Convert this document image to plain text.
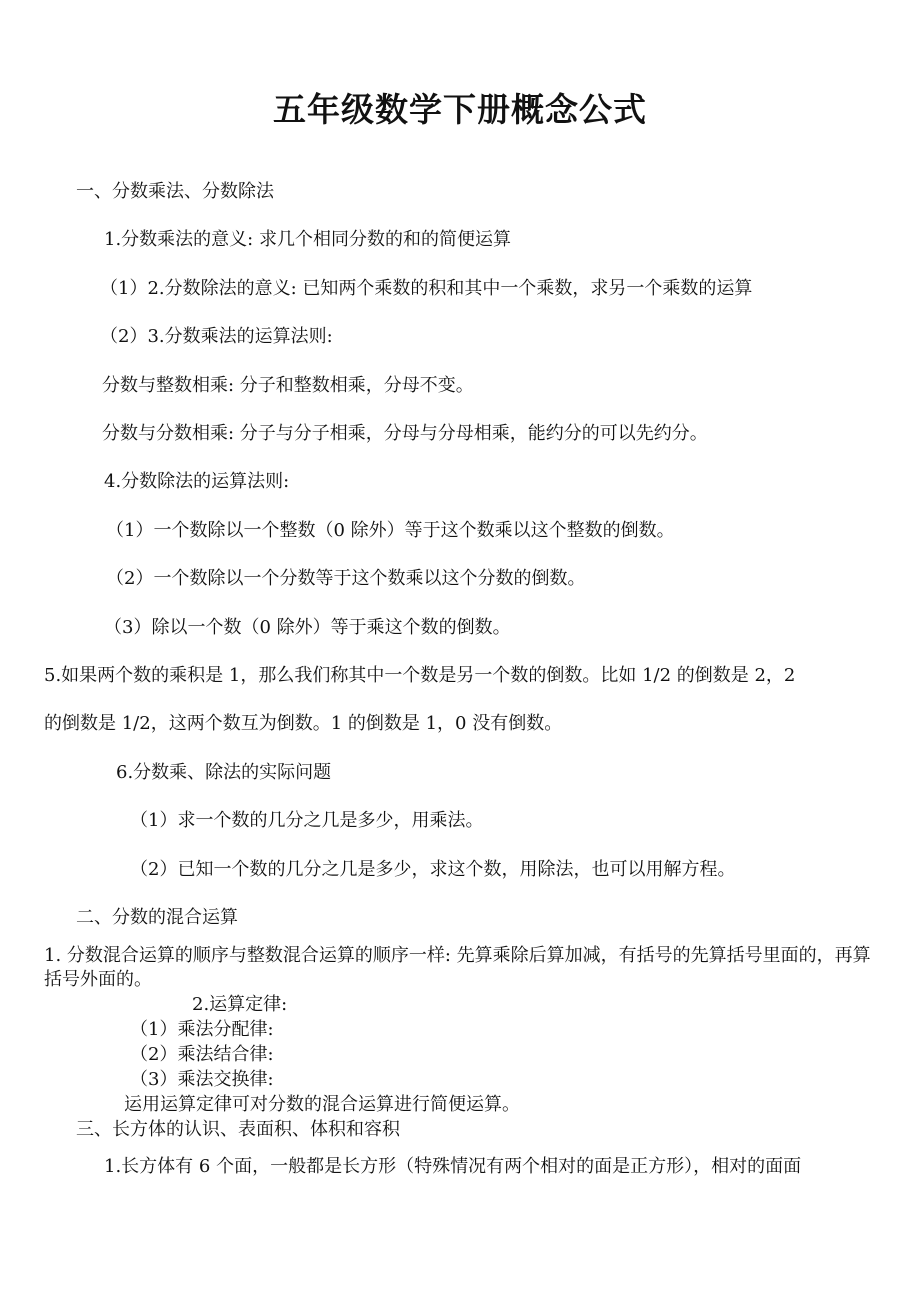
五年级数学下册概念公式
一、分数乘法、分数除法
1.分数乘法的意义: 求几个相同分数的和的简便运算
（1）2.分数除法的意义: 已知两个乘数的积和其中一个乘数，求另一个乘数的运算
（2）3.分数乘法的运算法则:
分数与整数相乘: 分子和整数相乘，分母不变。
分数与分数相乘: 分子与分子相乘，分母与分母相乘，能约分的可以先约分。
4.分数除法的运算法则:
（1）一个数除以一个整数（0 除外）等于这个数乘以这个整数的倒数。
（2）一个数除以一个分数等于这个数乘以这个分数的倒数。
（3）除以一个数（0 除外）等于乘这个数的倒数。
5.如果两个数的乘积是 1，那么我们称其中一个数是另一个数的倒数。比如 1/2 的倒数是 2，2
的倒数是 1/2，这两个数互为倒数。1 的倒数是 1，0 没有倒数。
6.分数乘、除法的实际问题
（1）求一个数的几分之几是多少，用乘法。
（2）已知一个数的几分之几是多少，求这个数，用除法，也可以用解方程。
二、分数的混合运算
1. 分数混合运算的顺序与整数混合运算的顺序一样: 先算乘除后算加减，有括号的先算括号里面的，再算括号外面的。
2.运算定律:
（1）乘法分配律:
（2）乘法结合律:
（3）乘法交换律:
运用运算定律可对分数的混合运算进行简便运算。
三、长方体的认识、表面积、体积和容积
1.长方体有 6 个面，一般都是长方形（特殊情况有两个相对的面是正方形），相对的面面
